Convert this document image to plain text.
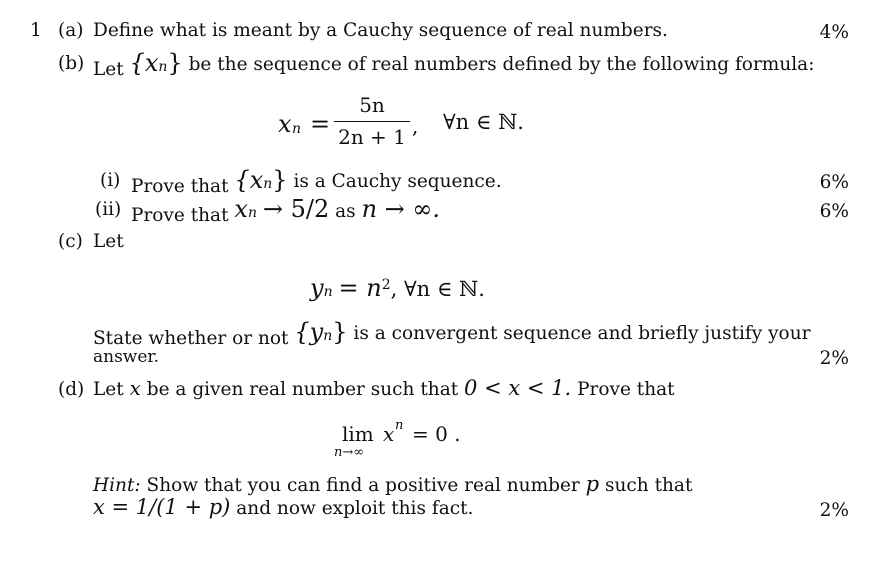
1 (a) Define what is meant by a Cauchy sequence of real numbers.	4%
(b) Let {xn} be the sequence of real numbers defined by the following formula:
x n =
5n
2n + 1 , ∀n ∈ ℕ.
(i) Prove that {xn} is a Cauchy sequence.	6%
(ii) Prove that xn → 5/2 as n → ∞.	6%
(c) Let
yn = $n^2$, ∀n ∈ ℕ.
State whether or not {yn} is a convergent sequence and briefly justify your
answer.	2%
(d) Let x be a given real number such that 0 < x < 1. Prove that
lim
n→∞
x n = 0 .
Hint: Show that you can find a positive real number p such that
x = 1/(1 + p) and now exploit this fact.	2%
